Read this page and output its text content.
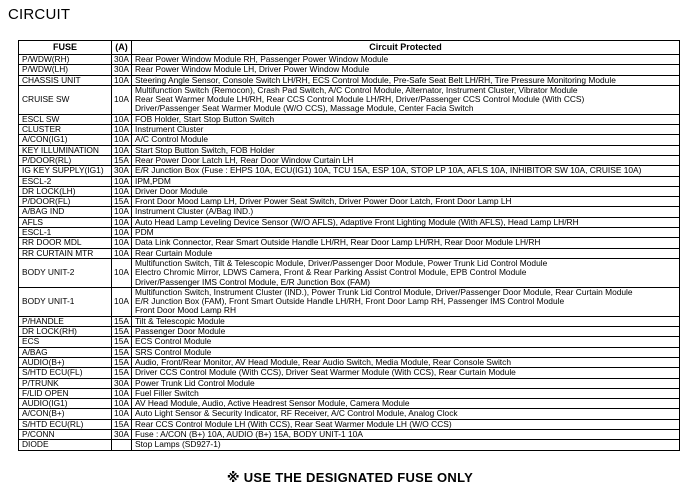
CIRCUIT
FUSE	(A)	Circuit Protected
P/WDW(RH)	30A	Rear Power Window Module RH, Passenger Power Window Module

P/WDW(LH)	30A	Rear Power Window Module LH, Driver Power Window Module

CHASSIS UNIT	10A	Steering Angle Sensor, Console Switch LH/RH, ECS Control Module, Pre-Safe Seat Belt LH/RH, Tire Pressure Monitoring Module

CRUISE SW	10A	Multifunction Switch (Remocon), Crash Pad Switch, A/C Control Module, Alternator, Instrument Cluster, Vibrator Module
Rear Seat Warmer Module LH/RH, Rear CCS Control Module LH/RH, Driver/Passenger CCS Control Module (With CCS)
Driver/Passenger Seat Warmer Module (W/O CCS), Massage Module, Center Facia Switch

ESCL SW	10A	FOB Holder, Start Stop Button Switch

CLUSTER	10A	Instrument Cluster

A/CON(IG1)	10A	A/C Control Module

KEY ILLUMINATION	10A	Start Stop Button Switch, FOB Holder

P/DOOR(RL)	15A	Rear Power Door Latch LH, Rear Door Window Curtain LH

IG KEY SUPPLY(IG1)	30A	E/R Junction Box (Fuse : EHPS 10A, ECU(IG1) 10A, TCU 15A, ESP 10A, STOP LP 10A, AFLS 10A, INHIBITOR SW 10A, CRUISE 10A)

ESCL-2	10A	IPM,PDM

DR LOCK(LH)	10A	Driver Door Module

P/DOOR(FL)	15A	Front Door Mood Lamp LH, Driver Power Seat Switch, Driver Power Door Latch, Front Door Lamp LH

A/BAG IND	10A	Instrument Cluster (A/Bag IND.)

AFLS	10A	Auto Head Lamp Leveling Device Sensor (W/O AFLS), Adaptive Front Lighting Module (With AFLS), Head Lamp LH/RH

ESCL-1	10A	PDM

RR DOOR MDL	10A	Data Link Connector, Rear Smart Outside Handle LH/RH, Rear Door Lamp LH/RH, Rear Door Module LH/RH

RR CURTAIN MTR	10A	Rear Curtain Module

BODY UNIT-2	10A	Multifunction Switch, Tilt & Telescopic Module, Driver/Passenger Door Module, Power Trunk Lid Control Module
Electro Chromic Mirror, LDWS Camera, Front & Rear Parking Assist Control Module, EPB Control Module
Driver/Passenger IMS Control Module, E/R Junction Box (FAM)

BODY UNIT-1	10A	Multifunction Switch, Instrument Cluster (IND.), Power Trunk Lid Control Module, Driver/Passenger Door Module, Rear Curtain Module
E/R Junction Box (FAM), Front Smart Outside Handle LH/RH, Front Door Lamp RH, Passenger IMS Control Module
Front Door Mood Lamp RH

P/HANDLE	15A	Tilt & Telescopic Module

DR LOCK(RH)	15A	Passenger Door Module

ECS	15A	ECS Control Module

A/BAG	15A	SRS Control Module

AUDIO(B+)	15A	Audio, Front/Rear Monitor, AV Head Module, Rear Audio Switch, Media Module, Rear Console Switch

S/HTD ECU(FL)	15A	Driver CCS Control Module (With CCS), Driver Seat Warmer Module (With CCS), Rear Curtain Module

P/TRUNK	30A	Power Trunk Lid Control Module

F/LID OPEN	10A	Fuel Filler Switch

AUDIO(IG1)	10A	AV Head Module, Audio, Active Headrest Sensor Module, Camera Module

A/CON(B+)	10A	Auto Light Sensor & Security Indicator, RF Receiver, A/C Control Module, Analog Clock

S/HTD ECU(RL)	15A	Rear CCS Control Module LH (With CCS), Rear Seat Warmer Module LH (W/O CCS)

P/CONN	30A	Fuse : A/CON (B+) 10A, AUDIO (B+) 15A, BODY UNIT-1 10A

DIODE		Stop Lamps (SD927-1)
※ USE THE DESIGNATED FUSE ONLY
